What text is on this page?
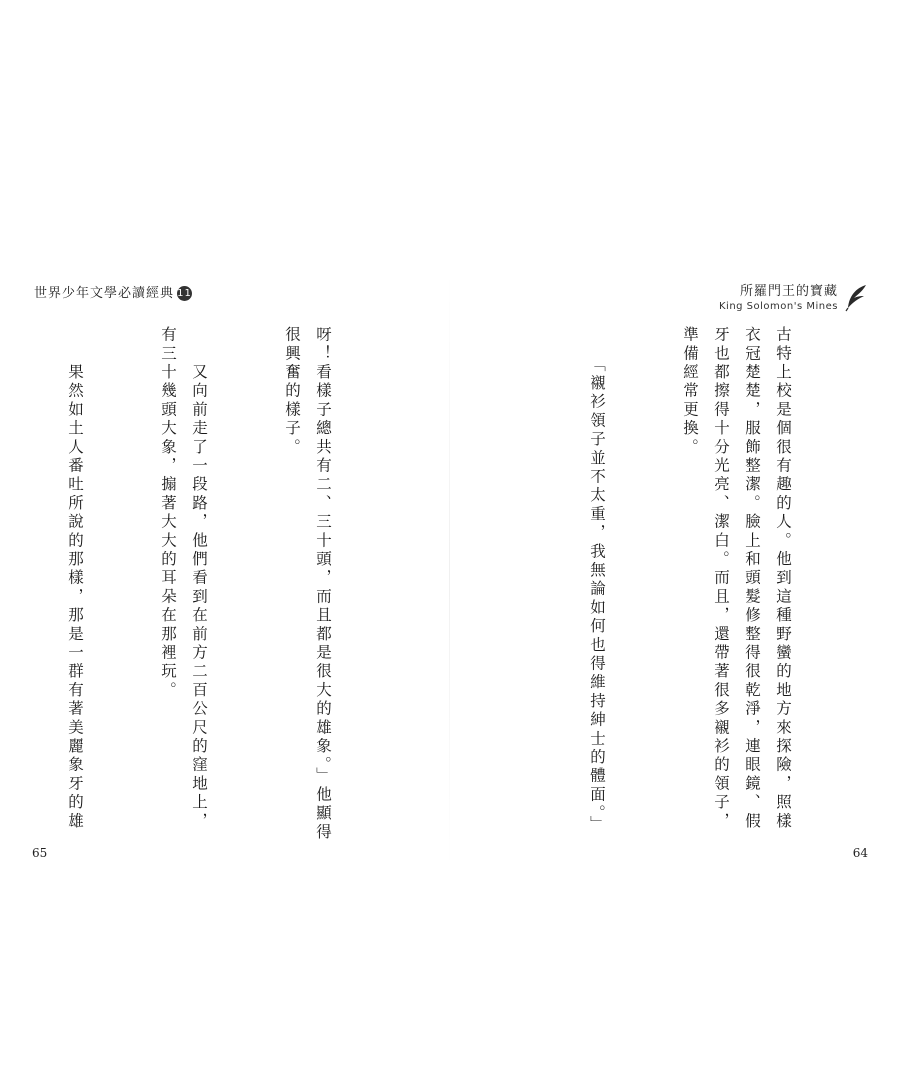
世界少年文學必讀經典 11

呀！看樣子總共有二、三十頭，而且都是很大的雄象。」他顯得很興奮的樣子。

　　又向前走了一段路，他們看到在前方二百公尺的窪地上，有三十幾頭大象，搧著大大的耳朵在那裡玩。

　　果然如土人番吐所說的那樣，那是一群有著美麗象牙的雄

65
所羅門王的寶藏
King Solomon's Mines

古特上校是個很有趣的人。他到這種野蠻的地方來探險，照樣衣冠楚楚，服飾整潔。臉上和頭髮修整得很乾淨，連眼鏡、假牙也都擦得十分光亮、潔白。而且，還帶著很多襯衫的領子，準備經常更換。

　　「襯衫領子並不太重，我無論如何也得維持紳士的體面。」

64
